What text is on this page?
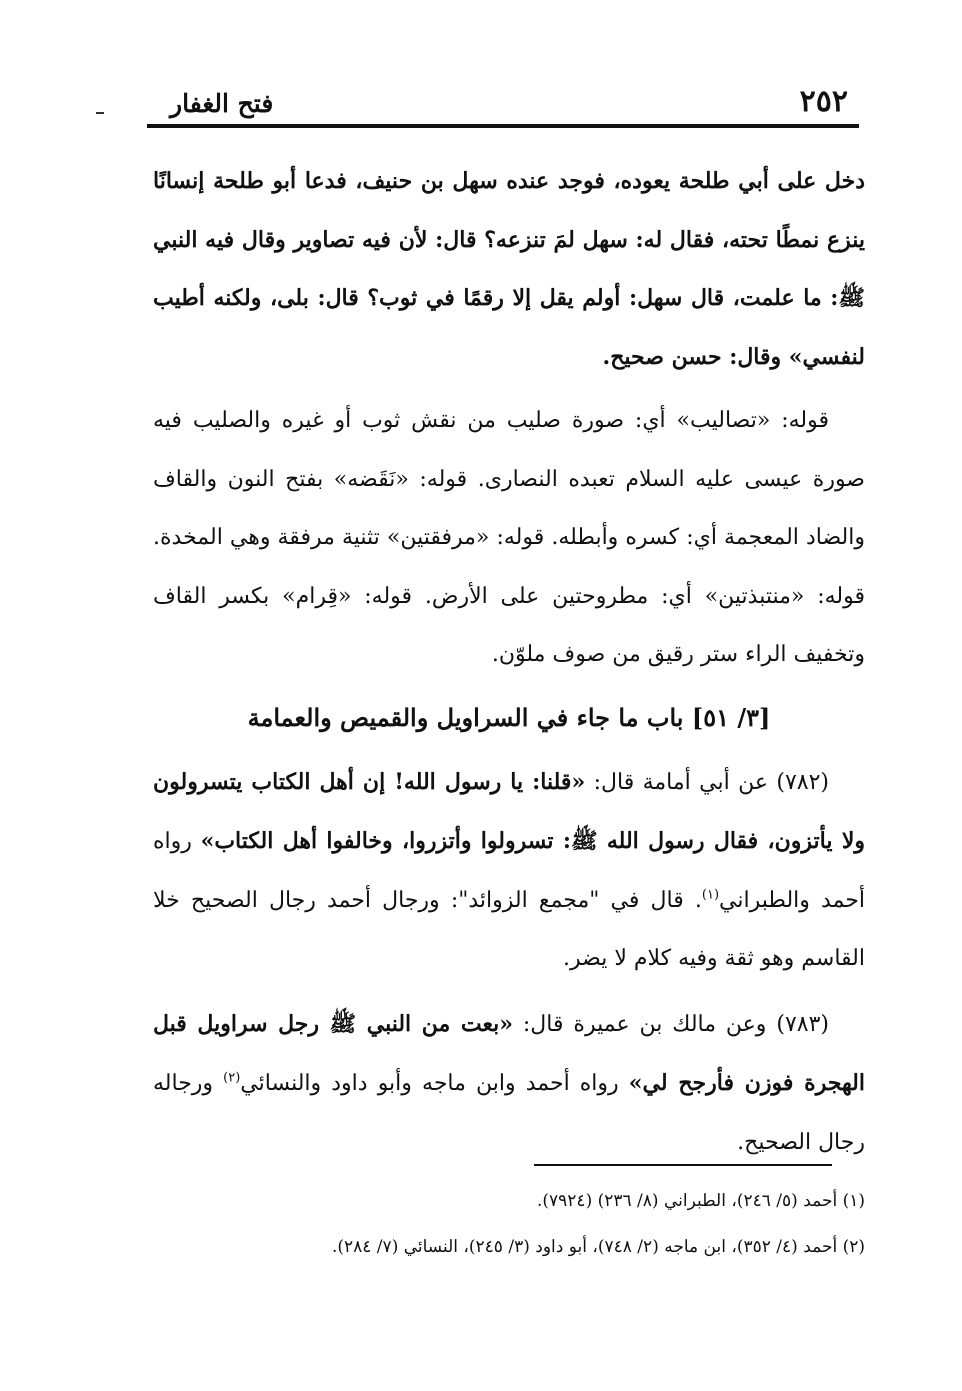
٢٥٢
فتح الغفار

دخل على أبي طلحة يعوده، فوجد عنده سهل بن حنيف، فدعا أبو طلحة إنسانًا ينزع نمطًا تحته، فقال له: سهل لمَ تنزعه؟ قال: لأن فيه تصاوير وقال فيه النبي ﷺ: ما علمت، قال سهل: أولم يقل إلا رقمًا في ثوب؟ قال: بلى، ولكنه أطيب لنفسي» وقال: حسن صحيح.

قوله: «تصاليب» أي: صورة صليب من نقش ثوب أو غيره والصليب فيه صورة عيسى عليه السلام تعبده النصارى. قوله: «نَقَضه» بفتح النون والقاف والضاد المعجمة أي: كسره وأبطله. قوله: «مرفقتين» تثنية مرفقة وهي المخدة. قوله: «منتبذتين» أي: مطروحتين على الأرض. قوله: «قِرام» بكسر القاف وتخفيف الراء ستر رقيق من صوف ملوّن.

[٣/ ٥١] باب ما جاء في السراويل والقميص والعمامة

(٧٨٢) عن أبي أمامة قال: «قلنا: يا رسول الله! إن أهل الكتاب يتسرولون ولا يأتزون، فقال رسول الله ﷺ: تسرولوا وأتزروا، وخالفوا أهل الكتاب» رواه أحمد والطبراني$^{(١)}$. قال في "مجمع الزوائد": ورجال أحمد رجال الصحيح خلا القاسم وهو ثقة وفيه كلام لا يضر.

(٧٨٣) وعن مالك بن عميرة قال: «بعت من النبي ﷺ رجل سراويل قبل الهجرة فوزن فأرجح لي» رواه أحمد وابن ماجه وأبو داود والنسائي$^{(٢)}$ ورجاله رجال الصحيح.

(١) أحمد (٥/ ٢٤٦)، الطبراني (٨/ ٢٣٦) (٧٩٢٤).

(٢) أحمد (٤/ ٣٥٢)، ابن ماجه (٢/ ٧٤٨)، أبو داود (٣/ ٢٤٥)، النسائي (٧/ ٢٨٤).
